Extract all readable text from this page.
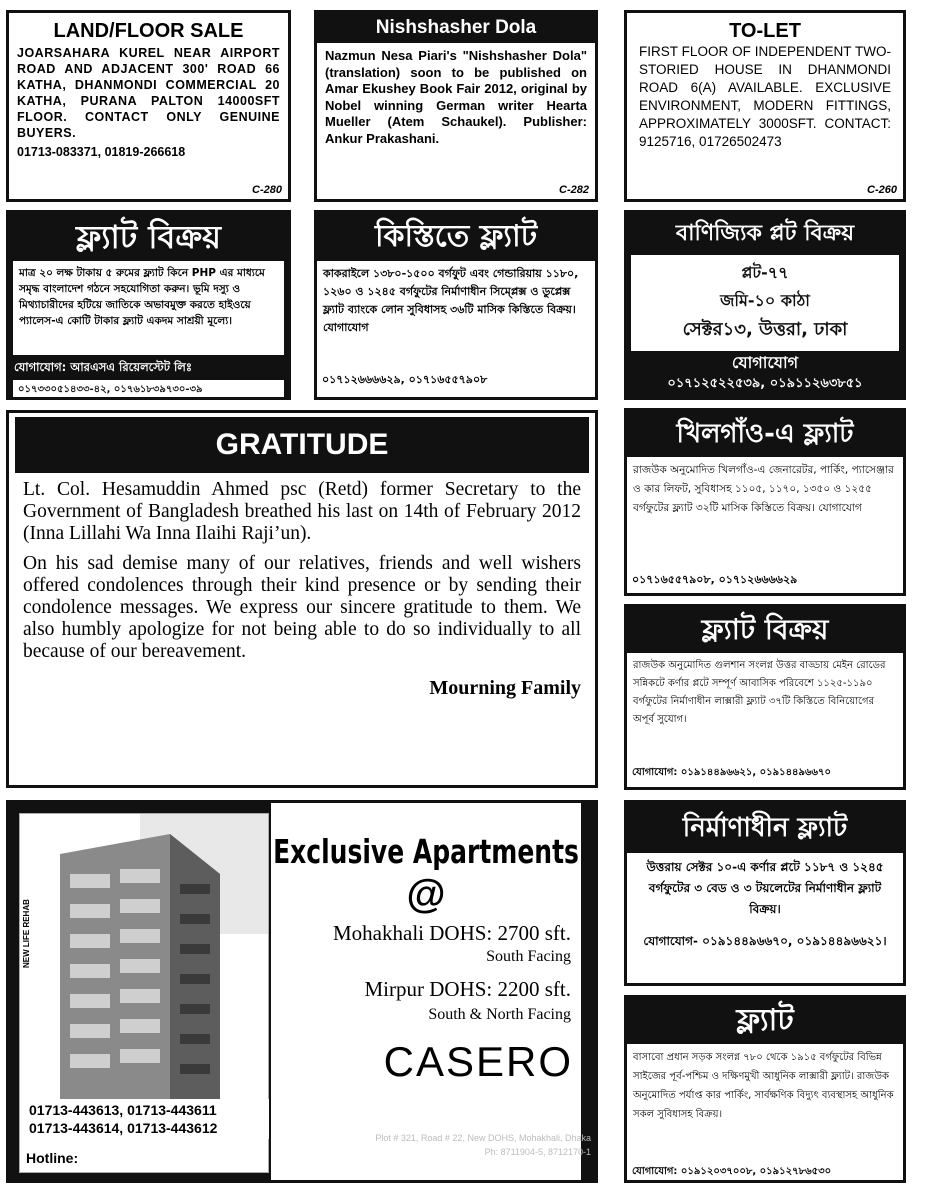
LAND/FLOOR SALE
JOARSAHARA KUREL NEAR AIRPORT ROAD AND ADJACENT 300' ROAD 66 KATHA, DHANMONDI COMMERCIAL 20 KATHA, PURANA PALTON 14000SFT FLOOR. CONTACT ONLY GENUINE BUYERS.
01713-083371, 01819-266618
C-280
Nishshasher Dola
Nazmun Nesa Piari's "Nishshasher Dola" (translation) soon to be published on Amar Ekushey Book Fair 2012, original by Nobel winning German writer Hearta Mueller (Atem Schaukel). Publisher: Ankur Prakashani.
C-282
TO-LET
FIRST FLOOR OF INDEPENDENT TWO-STORIED HOUSE IN DHANMONDI ROAD 6(A) AVAILABLE. EXCLUSIVE ENVIRONMENT, MODERN FITTINGS, APPROXIMATELY 3000SFT. CONTACT: 9125716, 01726502473
C-260
ফ্ল্যাট বিক্রয়
মাত্র ২০ লক্ষ টাকায় ৫ রুমের ফ্ল্যাট কিনে PHP এর মাধ্যমে সমৃদ্ধ বাংলাদেশ গঠনে সহযোগিতা করুন। ভূমি দস্যু ও মিথ্যাচারীদের হটিয়ে জাতিকে অভাবমুক্ত করতে হাইওয়ে প্যালেস-এ কোটি টাকার ফ্ল্যাট একদম সাশ্রয়ী মূল্যে।
যোগাযোগ: আরএসএ রিয়েলস্টেট লিঃ
০১৭৩৩০৫১৪৩৩-৪২, ০১৭৬১৮৩৯৭৩০-৩৯
কিস্তিতে ফ্ল্যাট
কাকরাইলে ১৩৮০-১৫০০ বর্গফুট এবং গেন্ডারিয়ায় ১১৮০, ১২৬০ ও ১২৪৫ বর্গফুটের নির্মাণাধীন সিম্প্লেক্স ও ডুপ্লেক্স ফ্ল্যাট ব্যাংকে লোন সুবিধাসহ ৩৬টি মাসিক কিস্তিতে বিক্রয়। যোগাযোগ
০১৭১২৬৬৬৬২৯, ০১৭১৬৫৫৭৯০৮
বাণিজ্যিক প্লট বিক্রয়
প্লট-৭৭
জমি-১০ কাঠা
সেক্টর১৩, উত্তরা, ঢাকা
যোগাযোগ
০১৭১২৫২২৫৩৯, ০১৯১১২৬৩৮৫১
GRATITUDE

Lt. Col. Hesamuddin Ahmed psc (Retd) former Secretary to the Government of Bangladesh breathed his last on 14th of February 2012 (Inna Lillahi Wa Inna Ilaihi Raji’un).

On his sad demise many of our relatives, friends and well wishers offered condolences through their kind presence or by sending their condolence messages. We express our sincere gratitude to them. We also humbly apologize for not being able to do so individually to all because of our bereavement.

Mourning Family
খিলগাঁও-এ ফ্ল্যাট
রাজউক অনুমোদিত খিলগাঁও-এ জেনারেটর, পার্কিং, প্যাসেঞ্জার ও কার লিফট, সুবিধাসহ ১১০৫, ১১৭০, ১৩৫০ ও ১২৫৫ বর্গফুটের ফ্ল্যাট ৩২টি মাসিক কিস্তিতে বিক্রয়। যোগাযোগ
০১৭১৬৫৫৭৯০৮, ০১৭১২৬৬৬৬২৯
ফ্ল্যাট বিক্রয়
রাজউক অনুমোদিত গুলশান সংলগ্ন উত্তর বাড্ডায় মেইন রোডের সন্নিকটে কর্ণার প্লটে সম্পূর্ণ আবাসিক পরিবেশে ১১২৫-১১৯০ বর্গফুটের নির্মাণাধীন লাক্সারী ফ্ল্যাট ৩৭টি কিস্তিতে বিনিয়োগের অপূর্ব সুযোগ।
যোগাযোগ: ০১৯১৪৪৯৬৬২১, ০১৯১৪৪৯৬৬৭০
নির্মাণাধীন ফ্ল্যাট
উত্তরায় সেক্টর ১০-এ কর্ণার প্লটে ১১৮৭ ও ১২৪৫ বর্গফুটের ৩ বেড ও ৩ টয়লেটের নির্মাণাধীন ফ্ল্যাট বিক্রয়।
যোগাযোগ- ০১৯১৪৪৯৬৬৭০, ০১৯১৪৪৯৬৬২১।
ফ্ল্যাট
বাসাবো প্রধান সড়ক সংলগ্ন ৭৮০ থেকে ১৯১৫ বর্গফুটের বিভিন্ন সাইজের পূর্ব-পশ্চিম ও দক্ষিণমুখী আধুনিক লাক্সারী ফ্ল্যাট। রাজউক অনুমোদিত পর্যাপ্ত কার পার্কিং, সার্বক্ষণিক বিদ্যুৎ ব্যবস্থাসহ আধুনিক সকল সুবিধাসহ বিক্রয়।
যোগাযোগ: ০১৯১২০৩৭০০৮, ০১৯১২৭৮৬৫৩০
NEW LIFE REHAB
Hotline:
01713-443613, 01713-443611
01713-443614, 01713-443612
Exclusive Apartments
@
Mohakhali DOHS: 2700 sft.
South Facing
Mirpur DOHS: 2200 sft.
South & North Facing
CASERO
CASERO DESIGN & DEVELOPMENTS LTD.
Plot # 321, Road # 22, New DOHS, Mohakhali, Dhaka
Ph: 8711904-5, 8712170-1
